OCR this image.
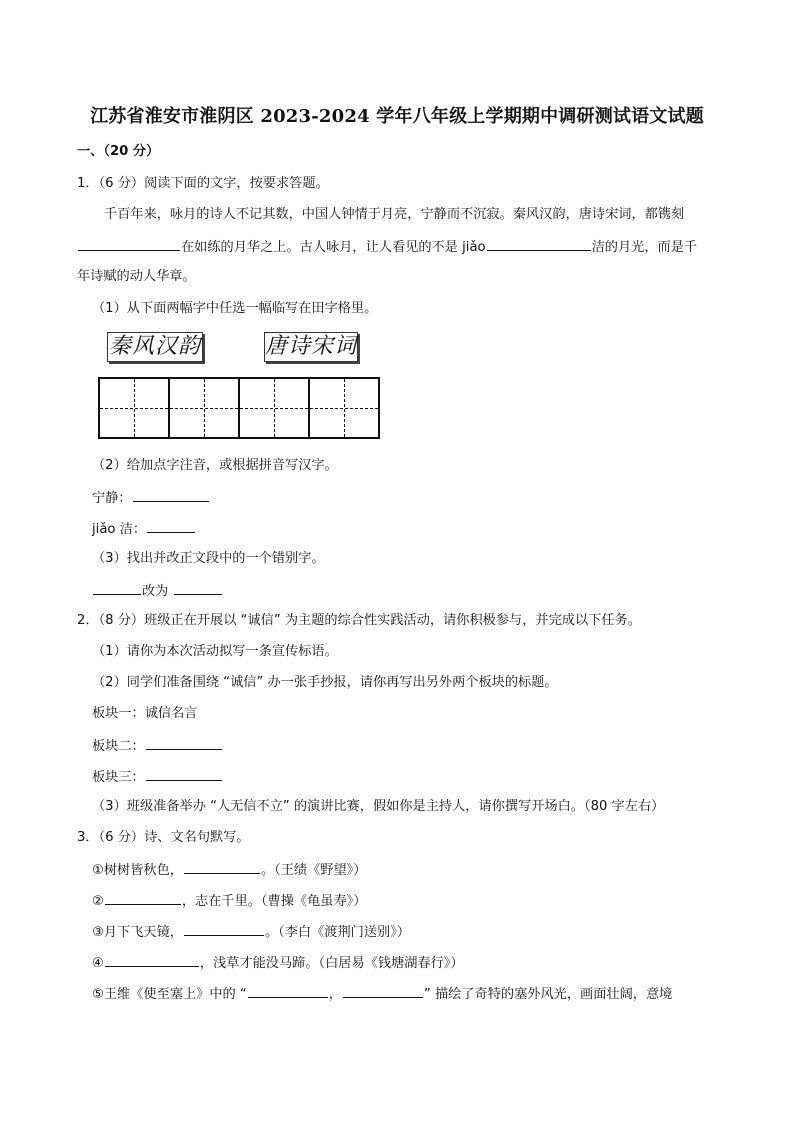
江苏省淮安市淮阴区 2023-2024 学年八年级上学期期中调研测试语文试题
一、（20 分）
1．（6 分）阅读下面的文字，按要求答题。
千百年来，咏月的诗人不记其数，中国人钟情于月亮，宁静而不沉寂。秦风汉韵，唐诗宋词，都镌刻
在如练的月华之上。古人咏月，让人看见的不是 jiǎo	洁的月光，而是千
年诗赋的动人华章。
（1）从下面两幅字中任选一幅临写在田字格里。
秦风汉韵	唐诗宋词
（2）给加点字注音，或根据拼音写汉字。
宁静：
jiǎo 洁：
（3）找出并改正文段中的一个错别字。
改为
2．（8 分）班级正在开展以 “诚信” 为主题的综合性实践活动，请你积极参与，并完成以下任务。
（1）请你为本次活动拟写一条宣传标语。
（2）同学们准备围绕 “诚信” 办一张手抄报，请你再写出另外两个板块的标题。
板块一：诚信名言
板块二：
板块三：
（3）班级准备举办 “人无信不立” 的演讲比赛，假如你是主持人，请你撰写开场白。（80 字左右）
3．（6 分）诗、文名句默写。
①树树皆秋色，	。（王绩《野望》）
②	，志在千里。（曹操《龟虽寿》）
③月下飞天镜，	。（李白《渡荆门送别》）
④	，浅草才能没马蹄。（白居易《钱塘湖春行》）
⑤王维《使至塞上》中的 “	，	” 描绘了奇特的塞外风光，画面壮阔，意境
